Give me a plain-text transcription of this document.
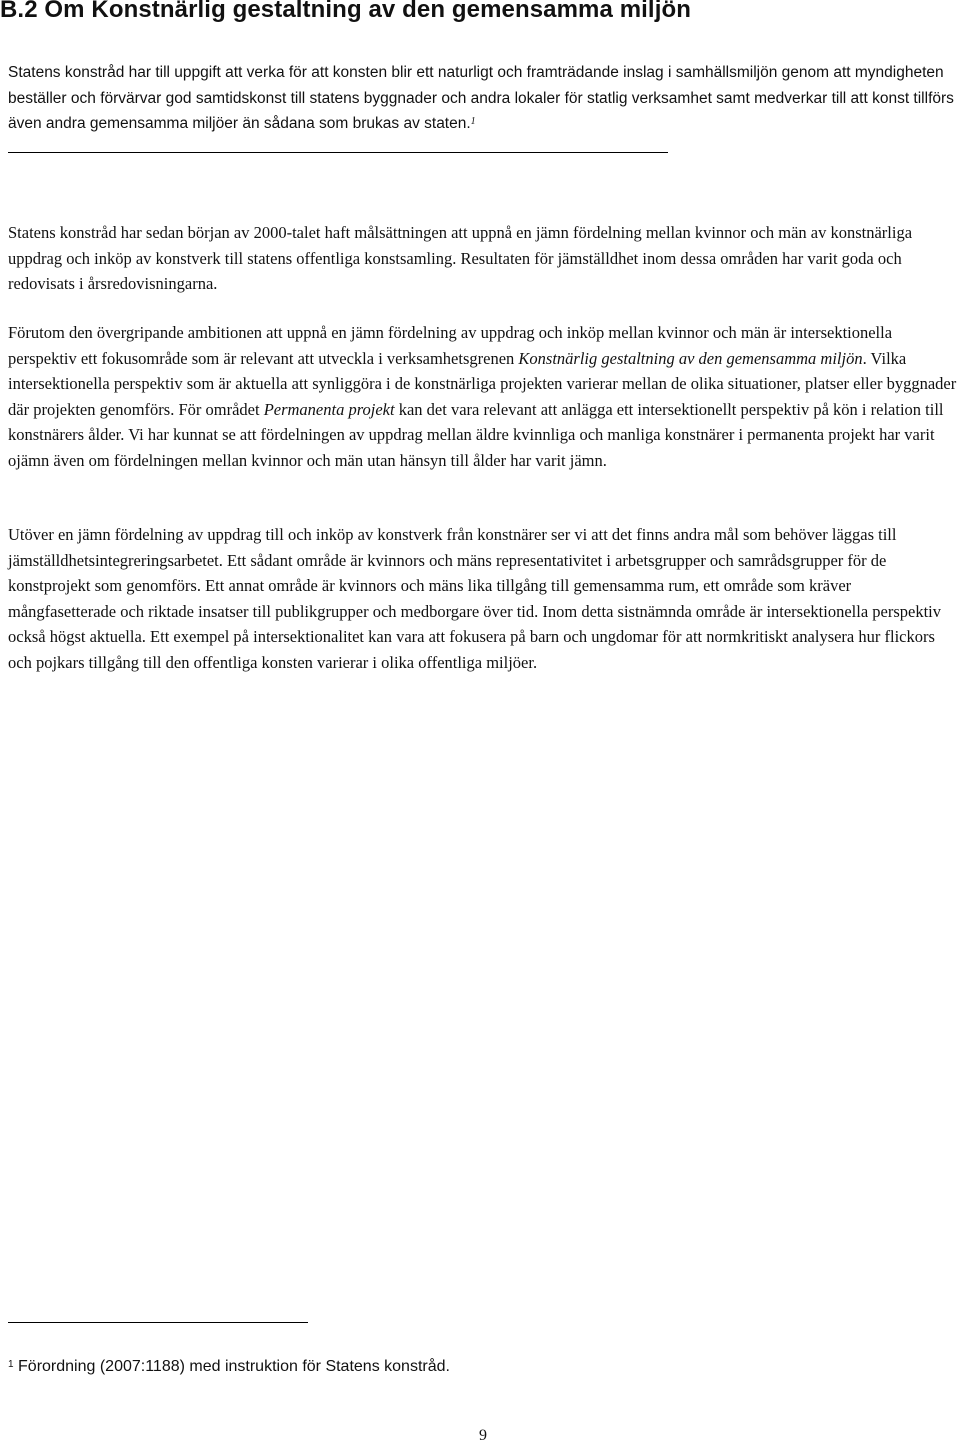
B.2 Om Konstnärlig gestaltning av den gemensamma miljön

Statens konstråd har till uppgift att verka för att konsten blir ett naturligt och framträdande inslag i samhällsmiljön genom att myndigheten beställer och förvärvar god samtidskonst till statens byggnader och andra lokaler för statlig verksamhet samt medverkar till att konst tillförs även andra gemensamma miljöer än sådana som brukas av staten.$^1$

Statens konstråd har sedan början av 2000-talet haft målsättningen att uppnå en jämn fördelning mellan kvinnor och män av konstnärliga uppdrag och inköp av konstverk till statens offentliga konstsamling. Resultaten för jämställdhet inom dessa områden har varit goda och redovisats i årsredovisningarna.

Förutom den övergripande ambitionen att uppnå en jämn fördelning av uppdrag och inköp mellan kvinnor och män är intersektionella perspektiv ett fokusområde som är relevant att utveckla i verksamhetsgrenen Konstnärlig gestaltning av den gemensamma miljön. Vilka intersektionella perspektiv som är aktuella att synliggöra i de konstnärliga projekten varierar mellan de olika situationer, platser eller byggnader där projekten genomförs. För området Permanenta projekt kan det vara relevant att anlägga ett intersektionellt perspektiv på kön i relation till konstnärers ålder. Vi har kunnat se att fördelningen av uppdrag mellan äldre kvinnliga och manliga konstnärer i permanenta projekt har varit ojämn även om fördelningen mellan kvinnor och män utan hänsyn till ålder har varit jämn.

Utöver en jämn fördelning av uppdrag till och inköp av konstverk från konstnärer ser vi att det finns andra mål som behöver läggas till jämställdhetsintegreringsarbetet. Ett sådant område är kvinnors och mäns representativitet i arbetsgrupper och samrådsgrupper för de konstprojekt som genomförs. Ett annat område är kvinnors och mäns lika tillgång till gemensamma rum, ett område som kräver mångfasetterade och riktade insatser till publikgrupper och medborgare över tid. Inom detta sistnämnda område är intersektionella perspektiv också högst aktuella. Ett exempel på intersektionalitet kan vara att fokusera på barn och ungdomar för att normkritiskt analysera hur flickors och pojkars tillgång till den offentliga konsten varierar i olika offentliga miljöer.

$^1$ Förordning (2007:1188) med instruktion för Statens konstråd.

9
